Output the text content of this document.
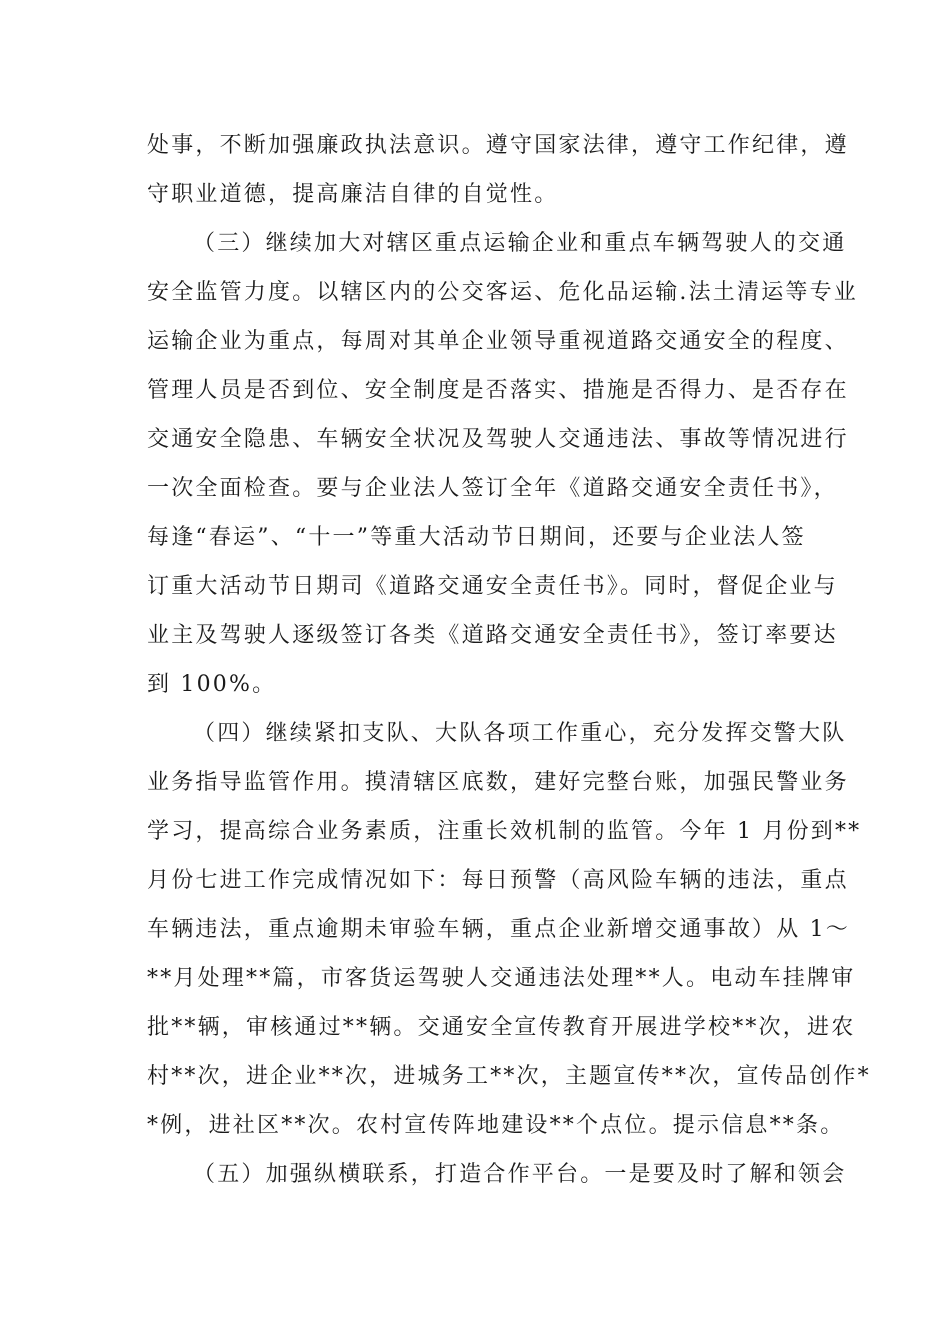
处事，不断加强廉政执法意识。遵守国家法律，遵守工作纪律，遵
守职业道德，提高廉洁自律的自觉性。
（三）继续加大对辖区重点运输企业和重点车辆驾驶人的交通
安全监管力度。以辖区内的公交客运、危化品运输.法土清运等专业
运输企业为重点，每周对其单企业领导重视道路交通安全的程度、
管理人员是否到位、安全制度是否落实、措施是否得力、是否存在
交通安全隐患、车辆安全状况及驾驶人交通违法、事故等情况进行
一次全面检查。要与企业法人签订全年《道路交通安全责任书》，
每逢“春运”、“十一”等重大活动节日期间，还要与企业法人签
订重大活动节日期司《道路交通安全责任书》。同时，督促企业与
业主及驾驶人逐级签订各类《道路交通安全责任书》，签订率要达
到 100%。
（四）继续紧扣支队、大队各项工作重心，充分发挥交警大队
业务指导监管作用。摸清辖区底数，建好完整台账，加强民警业务
学习，提高综合业务素质，注重长效机制的监管。今年 1 月份到**
月份七进工作完成情况如下：每日预警（高风险车辆的违法，重点
车辆违法，重点逾期未审验车辆，重点企业新增交通事故）从 1～
**月处理**篇，市客货运驾驶人交通违法处理**人。电动车挂牌审
批**辆，审核通过**辆。交通安全宣传教育开展进学校**次，进农
村**次，进企业**次，进城务工**次，主题宣传**次，宣传品创作*
*例，进社区**次。农村宣传阵地建设**个点位。提示信息**条。
（五）加强纵横联系，打造合作平台。一是要及时了解和领会
